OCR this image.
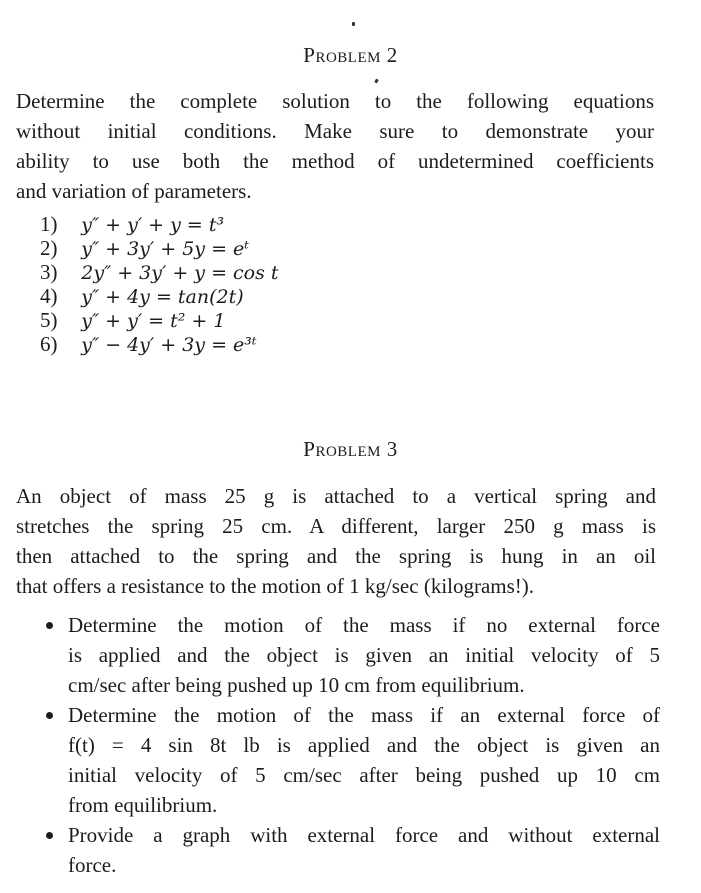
Problem 2
Determine the complete solution to the following equations
without initial conditions. Make sure to demonstrate your
ability to use both the method of undetermined coefficients
and variation of parameters.
1) y″ + y′ + y = t³
2) y″ + 3y′ + 5y = eᵗ
3) 2y″ + 3y′ + y = cos t
4) y″ + 4y = tan(2t)
5) y″ + y′ = t² + 1
6) y″ − 4y′ + 3y = e³ᵗ
Problem 3
An object of mass 25 g is attached to a vertical spring and
stretches the spring 25 cm. A different, larger 250 g mass is
then attached to the spring and the spring is hung in an oil
that offers a resistance to the motion of 1 kg/sec (kilograms!).
Determine the motion of the mass if no external force
is applied and the object is given an initial velocity of 5
cm/sec after being pushed up 10 cm from equilibrium.
Determine the motion of the mass if an external force of
f(t) = 4 sin 8t lb is applied and the object is given an
initial velocity of 5 cm/sec after being pushed up 10 cm
from equilibrium.
Provide a graph with external force and without external
force.
